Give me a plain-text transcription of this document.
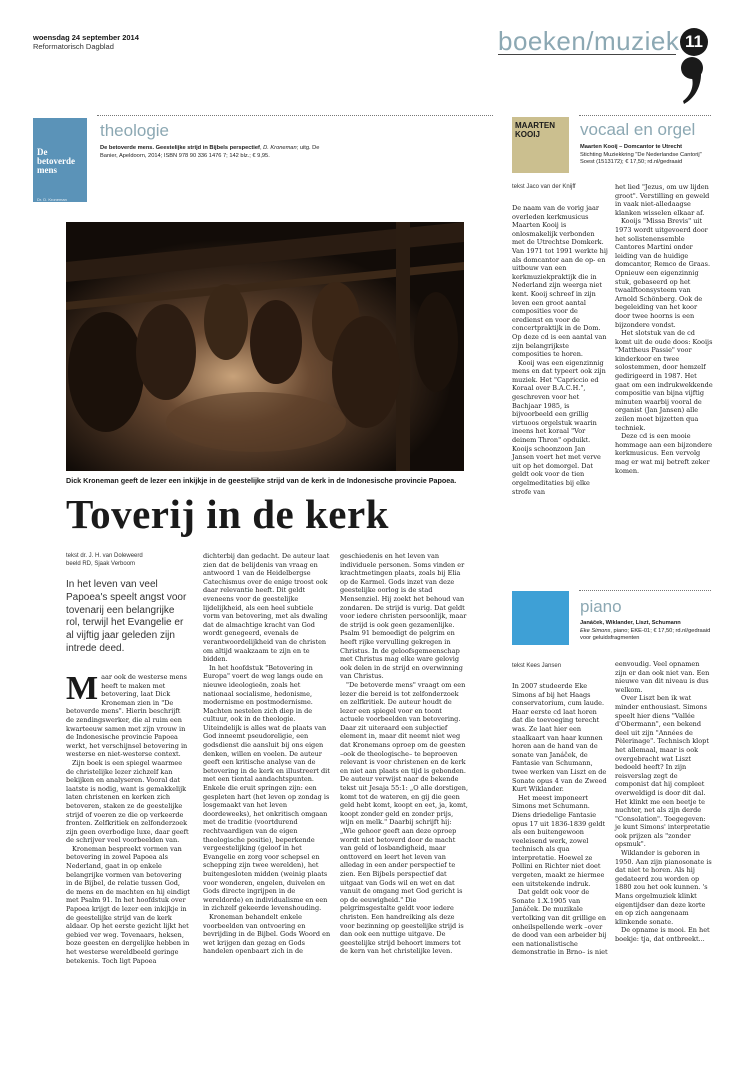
woensdag 24 september 2014
Reformatorisch Dagblad	boeken/muziek 11
De betoverde mens
Dr. D. Kroneman
theologie
De betoverde mens. Geestelijke strijd in Bijbels perspectief, D. Kroneman; uitg. De Banier, Apeldoorn, 2014; ISBN 978 90 336 1476 7; 142 blz.; € 9,95.
Dick Kroneman geeft de lezer een inkijkje in de geestelijke strijd van de kerk in de Indonesische provincie Papoea.
Toverij in de kerk
tekst dr. J. H. van Doleweerd
beeld RD, Sjaak Verboom
In het leven van veel Papoea's speelt angst voor tovenarij een belangrijke rol, terwijl het Evangelie er al vijftig jaar geleden zijn intrede deed.
M aar ook de westerse mens heeft te maken met betovering, laat Dick Kroneman zien in "De betoverde mens". Hierin beschrijft de zendingswerker, die al ruim een kwarteeuw samen met zijn vrouw in de Indonesische provincie Papoea werkt, het verschijnsel betovering in westerse en niet-westerse context.

Zijn boek is een spiegel waarmee de christelijke lezer zichzelf kan bekijken en analyseren. Vooral dat laatste is nodig, want is gemakkelijk laten christenen en kerken zich betoveren, staken ze de geestelijke strijd of voeren ze die op verkeerde fronten. Zelfkritiek en zelfonderzoek zijn geen overbodige luxe, daar geeft de schrijver veel voorbeelden van.

Kroneman bespreekt vormen van betovering in zowel Papoea als Nederland, gaat in op enkele belangrijke vormen van betovering in de Bijbel, de relatie tussen God, de mens en de machten en hij eindigt met Psalm 91. In het hoofdstuk over Papoea krijgt de lezer een inkijkje in de geestelijke strijd van de kerk aldaar. Op het eerste gezicht lijkt het gebied ver weg. Tovenaars, heksen, boze geesten en dergelijke hebben in het westerse wereldbeeld geringe betekenis. Toch ligt Papoea

dichterbij dan gedacht. De auteur laat zien dat de belijdenis van vraag en antwoord 1 van de Heidelbergse Catechismus over de enige troost ook daar relevantie heeft. Dit geldt eveneens voor de geestelijke lijdelijkheid, als een heel subtiele vorm van betovering, met als dwaling dat de almachtige kracht van God wordt genegeerd, evenals de verantwoordelijkheid van de christen om altijd waakzaam te zijn en te bidden.

In het hoofdstuk "Betovering in Europa" voert de weg langs oude en nieuwe ideologieën, zoals het nationaal socialisme, hedonisme, modernisme en postmodernisme. Machten nestelen zich diep in de cultuur, ook in de theologie. Uiteindelijk is alles wat de plaats van God inneemt pseudoreligie, een godsdienst die aansluit bij ons eigen denken, willen en voelen. De auteur geeft een kritische analyse van de betovering in de kerk en illustreert dit met een tiental aandachtspunten. Enkele die eruit springen zijn: een gespleten hart (het leven op zondag is losgemaakt van het leven doordeweeks), het onkritisch omgaan met de traditie (voortdurend rechtvaardigen van de eigen theologische positie), beperkende vergeestelijking (geloof in het Evangelie en zorg voor schepsel en schepping zijn twee werelden), het buitengesloten midden (weinig plaats voor wonderen, engelen, duivelen en Gods directe ingrijpen in de wereldorde) en individualisme en een in zichzelf gekeerde levenshouding.

Kroneman behandelt enkele voorbeelden van ontvoering en bevrijding in de Bijbel. Gods Woord en wet krijgen dan gezag en Gods handelen openbaart zich in de

geschiedenis en het leven van individuele personen. Soms vinden er krachtmetingen plaats, zoals bij Elia op de Karmel. Gods inzet van deze geestelijke oorlog is de stad Mensenziel. Hij zoekt het behoud van zondaren. De strijd is vurig. Dat geldt voor iedere christen persoonlijk, maar de strijd is ook geen gezamenlijke. Psalm 91 bemoedigt de pelgrim en heeft rijke vervulling gekregen in Christus. In de geloofsgemeenschap met Christus mag elke ware gelovig ook delen in de strijd en overwinning van Christus.

"De betoverde mens" vraagt om een lezer die bereid is tot zelfonderzoek en zelfkritiek. De auteur houdt de lezer een spiegel voor en toont actuele voorbeelden van betovering. Daar zit uiteraard een subjectief element in, maar dit neemt niet weg dat Kronemans oproep om de geesten –ook de theologische– te beproeven relevant is voor christenen en de kerk en niet aan plaats en tijd is gebonden. De auteur verwijst naar de bekende tekst uit Jesaja 55:1: „O alle dorstigen, komt tot de wateren, en gij die geen geld hebt komt, koopt en eet, ja, komt, koopt zonder geld en zonder prijs, wijn en melk." Daarbij schrijft hij: „Wie gehoor geeft aan deze oproep wordt niet betoverd door de macht van geld of losbandigheid, maar onttoverd en leert het leven van alledag in een ander perspectief te zien. Een Bijbels perspectief dat uitgaat van Gods wil en wet en dat vanuit de omgang met God gericht is op de eeuwigheid." Die pelgrimsgestalte geldt voor iedere christen. Een handreiking als deze voor bezinning op geestelijke strijd is dan ook een nuttige uitgave. De geestelijke strijd behoort immers tot de kern van het christelijke leven.

MAARTEN
KOOIJ	vocaal en orgel
Maarten Kooij – Domcantor te Utrecht
Stichting Muziekkring "De Nederlandse Cantorij" Soest (1513172); € 17,50; rd.nl/gedraaid
tekst Jaco van der Knijff

De naam van de vorig jaar overleden kerkmusicus Maarten Kooij is onlosmakelijk verbonden met de Utrechtse Domkerk. Van 1971 tot 1991 werkte hij als domcantor aan de op- en uitbouw van een kerkmuziekpraktijk die in Nederland zijn weerga niet kent. Kooij schreef in zijn leven een groot aantal composities voor de eredienst en voor de concertpraktijk in de Dom. Op deze cd is een aantal van zijn belangrijkste composities te horen.

Kooij was een eigenzinnig mens en dat typeert ook zijn muziek. Het "Capriccio ed Koraal over B.A.C.H.", geschreven voor het Bachjaar 1985, is bijvoorbeeld een grillig virtuoos orgelstuk waarin ineens het koraal "Vor deinem Thron" opduikt. Kooijs schoonzoon Jan Jansen voert het met verve uit op het domorgel. Dat geldt ook voor de tien orgelmeditaties bij elke strofe van

het lied "Jezus, om uw lijden groot". Verstilling en geweld in vaak niet-alledaagse klanken wisselen elkaar af.

Kooijs "Missa Brevis" uit 1973 wordt uitgevoerd door het solistenensemble Cantores Martini onder leiding van de huidige domcantor, Remco de Graas. Opnieuw een eigenzinnig stuk, gebaseerd op het twaalftoonsysteem van Arnold Schönberg. Ook de begeleiding van het koor door twee hoorns is een bijzondere vondst.

Het slotstuk van de cd komt uit de oude doos: Kooijs "Mattheus Passie" voor kinderkoor en twee solostemmen, door hemzelf gedirigeerd in 1987. Het gaat om een indrukwekkende compositie van bijna vijftig minuten waarbij vooral de organist (Jan Jansen) alle zeilen moet bijzetten qua techniek.

Deze cd is een mooie hommage aan een bijzondere kerkmusicus. Een vervolg mag er wat mij betreft zeker komen.

piano
Janáček, Wiklander, Liszt, Schumann
Eke Simons, piano; EKE-01; € 17,50; rd.nl/gedraaid voor geluidsfragmenten
tekst Kees Jansen

In 2007 studeerde Eke Simons af bij het Haags conservatorium, cum laude. Haar eerste cd laat horen dat die toevoeging terecht was. Ze laat hier een staalkaart van haar kunnen horen aan de hand van de sonate van Janáček, de Fantasie van Schumann, twee werken van Liszt en de Sonate opus 4 van de Zweed Kurt Wiklander.

Het meest imponeert Simons met Schumann. Diens driedelige Fantasie opus 17 uit 1836-1839 geldt als een buitengewoon veeleisend werk, zowel technisch als qua interpretatie. Hoewel ze Pollini en Richter niet doet vergeten, maakt ze hiermee een uitstekende indruk.

Dat geldt ook voor de Sonate 1.X.1905 van Janáček. De muzikale vertolking van dit grillige en onheilspellende werk –over de dood van een arbeider bij een nationalistische demonstratie in Brno– is niet

eenvoudig. Veel opnamen zijn er dan ook niet van. Een nieuwe van dit niveau is dus welkom.

Over Liszt ben ik wat minder enthousiast. Simons speelt hier diens "Vallée d'Obermann", een bekend deel uit zijn "Années de Pèlerinage". Technisch klopt het allemaal, maar is ook overgebracht wat Liszt bedoeld heeft? In zijn reisverslag zegt de componist dat hij compleet overweldigd is door dit dal. Het klinkt me een beetje te nuchter, net als zijn derde "Consolation". Toegegeven: je kunt Simons' interpretatie ook prijzen als "zonder opsmuk".

Wiklander is geboren in 1950. Aan zijn pianosonate is dat niet te horen. Als hij gedateerd zou worden op 1880 zou het ook kunnen. 's Mans orgelmuziek klinkt eigentijdser dan deze korte en op zich aangenaam klinkende sonate.

De opname is mooi. En het boekje: tja, dat ontbreekt...
